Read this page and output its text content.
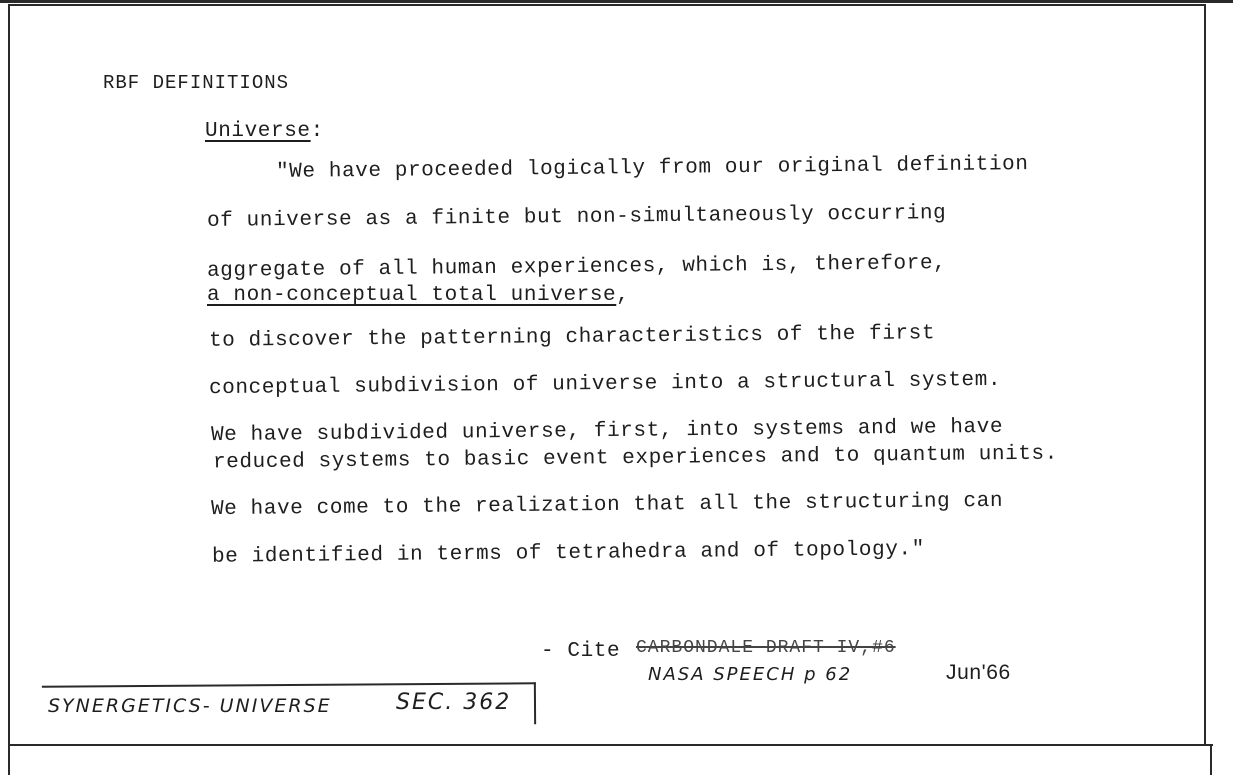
RBF DEFINITIONS
Universe:
"We have proceeded logically from our original definition
of universe as a finite but non-simultaneously occurring
aggregate of all human experiences, which is, therefore,
a non-conceptual total universe,
to discover the patterning characteristics of the first
conceptual subdivision of universe into a structural system.
We have subdivided universe, first, into systems and we have
reduced systems to basic event experiences and to quantum units.
We have come to the realization that all the structuring can
be identified in terms of tetrahedra and of topology."
- Cite CARBONDALE DRAFT IV,#6
NASA SPEECH p 62	Jun'66
SYNERGETICS- UNIVERSE	SEC. 362
